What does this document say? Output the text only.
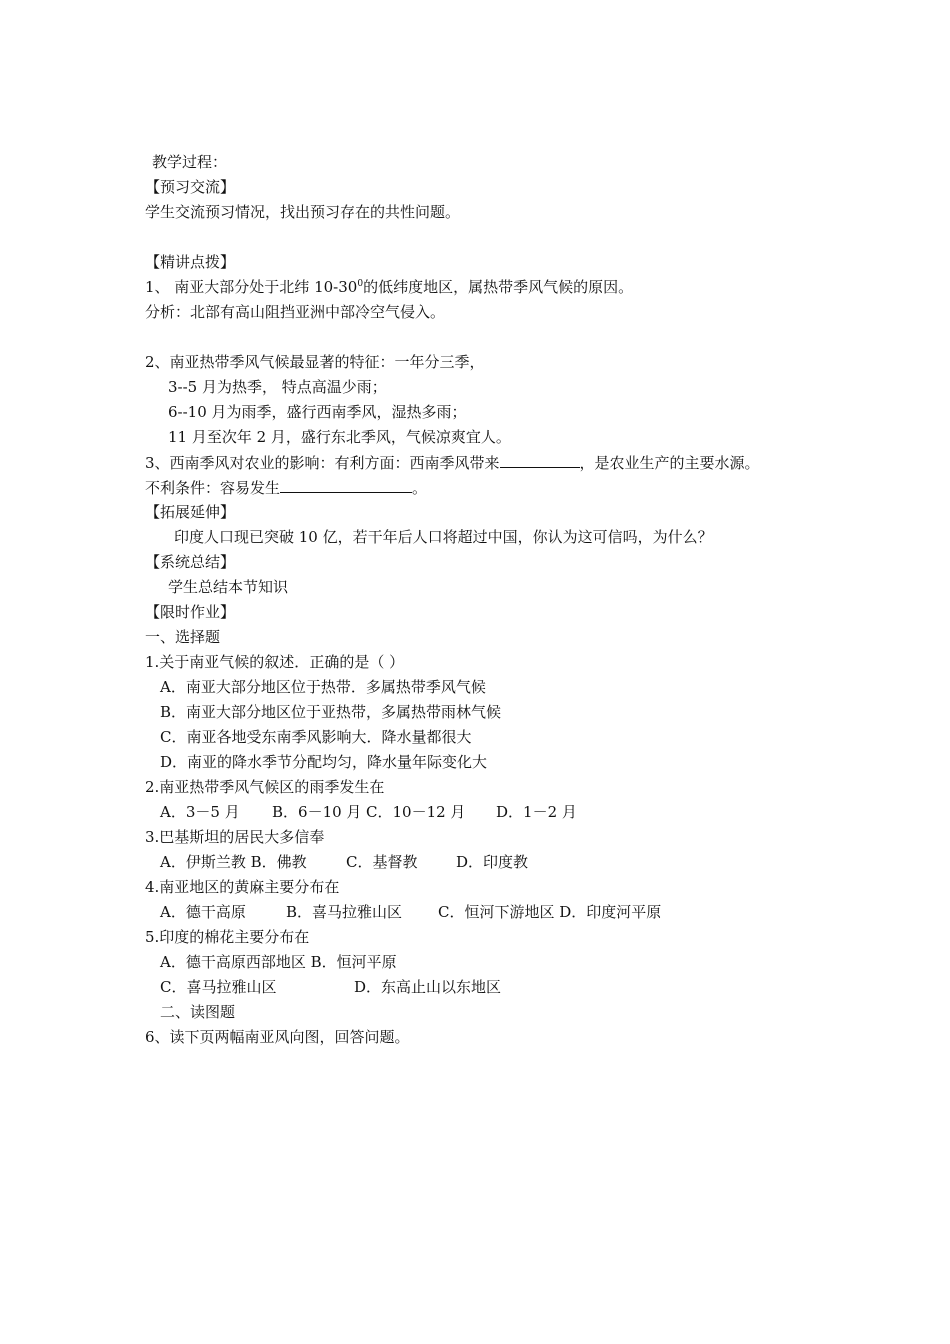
教学过程：
【预习交流】
学生交流预习情况，找出预习存在的共性问题。
【精讲点拨】
1、 南亚大部分处于北纬 $10-30^0$的低纬度地区，属热带季风气候的原因。
分析：北部有高山阻挡亚洲中部冷空气侵入。
2、南亚热带季风气候最显著的特征：一年分三季，
3--5 月为热季， 特点高温少雨；
6--10 月为雨季，盛行西南季风，湿热多雨；
11 月至次年 2 月，盛行东北季风，气候凉爽宜人。
3、西南季风对农业的影响：有利方面：西南季风带来	，是农业生产的主要水源。
不利条件：容易发生	。
【拓展延伸】
印度人口现已突破 10 亿，若干年后人口将超过中国，你认为这可信吗，为什么？
【系统总结】
学生总结本节知识
【限时作业】
一、选择题
1.关于南亚气候的叙述．正确的是（ ）
A．南亚大部分地区位于热带．多属热带季风气候
B．南亚大部分地区位于亚热带，多属热带雨林气候
C．南亚各地受东南季风影响大．降水量都很大
D．南亚的降水季节分配均匀，降水量年际变化大
2.南亚热带季风气候区的雨季发生在
A．3－5 月 B．6－10 月 C．10－12 月 D．1－2 月
3.巴基斯坦的居民大多信奉
A．伊斯兰教 B．佛教	C．基督教	D．印度教
4.南亚地区的黄麻主要分布在
A．德干高原	B．喜马拉雅山区 C．恒河下游地区 D．印度河平原
5.印度的棉花主要分布在
A．德干高原西部地区 B．恒河平原
C．喜马拉雅山区	D．东高止山以东地区
二、读图题
6、读下页两幅南亚风向图，回答问题。
